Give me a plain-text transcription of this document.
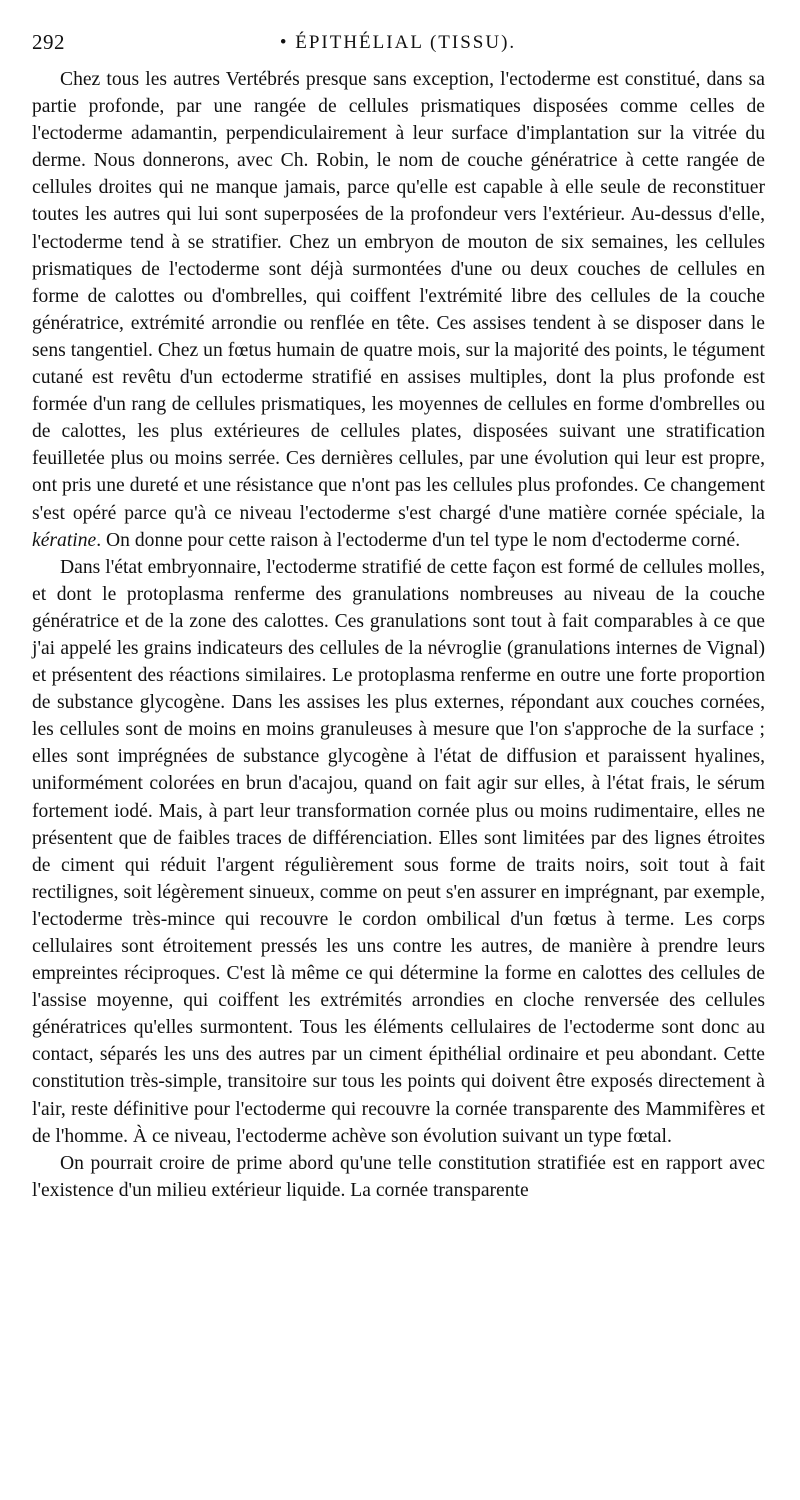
292	• ÉPITHÉLIAL (TISSU).

Chez tous les autres Vertébrés presque sans exception, l'ectoderme est constitué, dans sa partie profonde, par une rangée de cellules prismatiques disposées comme celles de l'ectoderme adamantin, perpendiculairement à leur surface d'implantation sur la vitrée du derme. Nous donnerons, avec Ch. Robin, le nom de couche génératrice à cette rangée de cellules droites qui ne manque jamais, parce qu'elle est capable à elle seule de reconstituer toutes les autres qui lui sont superposées de la profondeur vers l'extérieur. Au-dessus d'elle, l'ectoderme tend à se stratifier. Chez un embryon de mouton de six semaines, les cellules prismatiques de l'ectoderme sont déjà surmontées d'une ou deux couches de cellules en forme de calottes ou d'ombrelles, qui coiffent l'extrémité libre des cellules de la couche génératrice, extrémité arrondie ou renflée en tête. Ces assises tendent à se disposer dans le sens tangentiel. Chez un fœtus humain de quatre mois, sur la majorité des points, le tégument cutané est revêtu d'un ectoderme stratifié en assises multiples, dont la plus profonde est formée d'un rang de cellules prismatiques, les moyennes de cellules en forme d'ombrelles ou de calottes, les plus extérieures de cellules plates, disposées suivant une stratification feuilletée plus ou moins serrée. Ces dernières cellules, par une évolution qui leur est propre, ont pris une dureté et une résistance que n'ont pas les cellules plus profondes. Ce changement s'est opéré parce qu'à ce niveau l'ectoderme s'est chargé d'une matière cornée spéciale, la kératine. On donne pour cette raison à l'ectoderme d'un tel type le nom d'ectoderme corné.

Dans l'état embryonnaire, l'ectoderme stratifié de cette façon est formé de cellules molles, et dont le protoplasma renferme des granulations nombreuses au niveau de la couche génératrice et de la zone des calottes. Ces granulations sont tout à fait comparables à ce que j'ai appelé les grains indicateurs des cellules de la névroglie (granulations internes de Vignal) et présentent des réactions similaires. Le protoplasma renferme en outre une forte proportion de substance glycogène. Dans les assises les plus externes, répondant aux couches cornées, les cellules sont de moins en moins granuleuses à mesure que l'on s'approche de la surface ; elles sont imprégnées de substance glycogène à l'état de diffusion et paraissent hyalines, uniformément colorées en brun d'acajou, quand on fait agir sur elles, à l'état frais, le sérum fortement iodé. Mais, à part leur transformation cornée plus ou moins rudimentaire, elles ne présentent que de faibles traces de différenciation. Elles sont limitées par des lignes étroites de ciment qui réduit l'argent régulièrement sous forme de traits noirs, soit tout à fait rectilignes, soit légèrement sinueux, comme on peut s'en assurer en imprégnant, par exemple, l'ectoderme très-mince qui recouvre le cordon ombilical d'un fœtus à terme. Les corps cellulaires sont étroitement pressés les uns contre les autres, de manière à prendre leurs empreintes réciproques. C'est là même ce qui détermine la forme en calottes des cellules de l'assise moyenne, qui coiffent les extrémités arrondies en cloche renversée des cellules génératrices qu'elles surmontent. Tous les éléments cellulaires de l'ectoderme sont donc au contact, séparés les uns des autres par un ciment épithélial ordinaire et peu abondant. Cette constitution très-simple, transitoire sur tous les points qui doivent être exposés directement à l'air, reste définitive pour l'ectoderme qui recouvre la cornée transparente des Mammifères et de l'homme. À ce niveau, l'ectoderme achève son évolution suivant un type fœtal.

On pourrait croire de prime abord qu'une telle constitution stratifiée est en rapport avec l'existence d'un milieu extérieur liquide. La cornée transparente
